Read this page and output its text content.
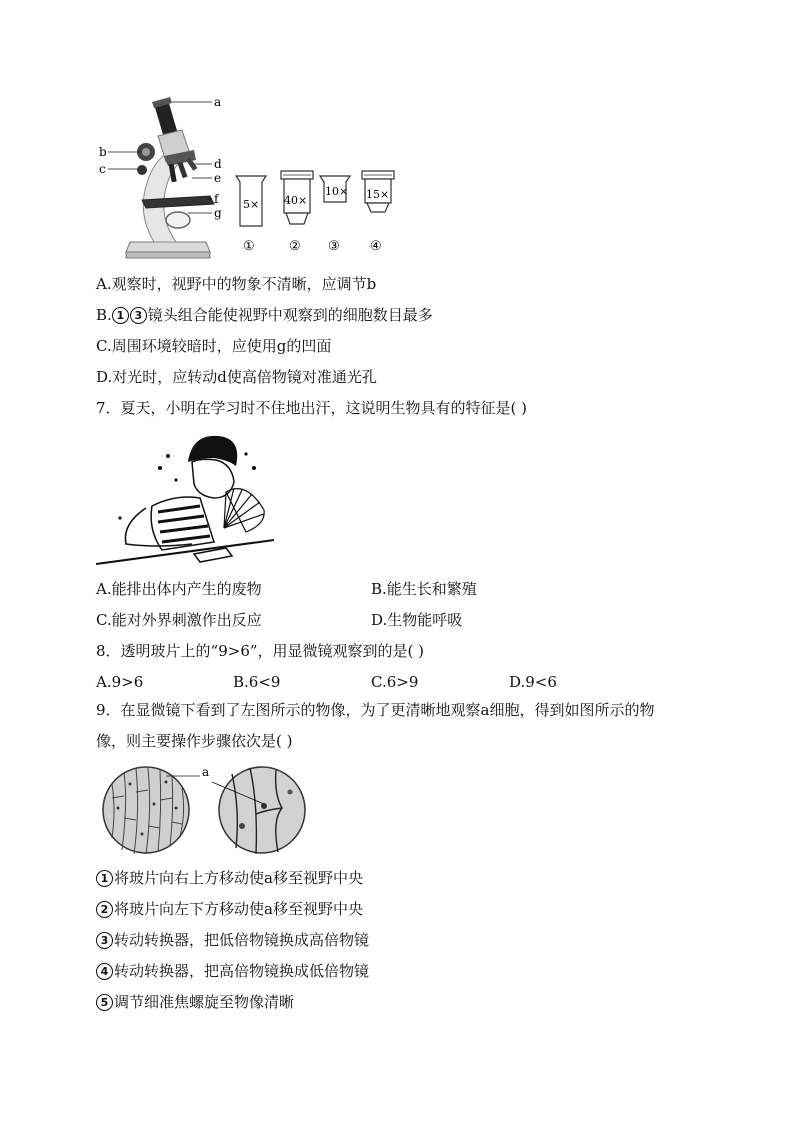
a
b
c	d
e
f
g
5×
①
40×
②
10×
③
15×
④
A.观察时，视野中的物象不清晰，应调节b
B. 1 3 镜头组合能使视野中观察到的细胞数目最多
C.周围环境较暗时，应使用g的凹面
D.对光时，应转动d使高倍物镜对准通光孔
7．夏天，小明在学习时不住地出汗，这说明生物具有的特征是( )
A.能排出体内产生的废物	B.能生长和繁殖
C.能对外界刺激作出反应	D.生物能呼吸
8．透明玻片上的“9>6”，用显微镜观察到的是( )
A.9>6	B.6<9	C.6>9	D.9<6
9．在显微镜下看到了左图所示的物像，为了更清晰地观察a细胞，得到如图所示的物
像，则主要操作步骤依次是( )
a
1 将玻片向右上方移动使a移至视野中央
2 将玻片向左下方移动使a移至视野中央
3 转动转换器，把低倍物镜换成高倍物镜
4 转动转换器，把高倍物镜换成低倍物镜
5 调节细准焦螺旋至物像清晰
